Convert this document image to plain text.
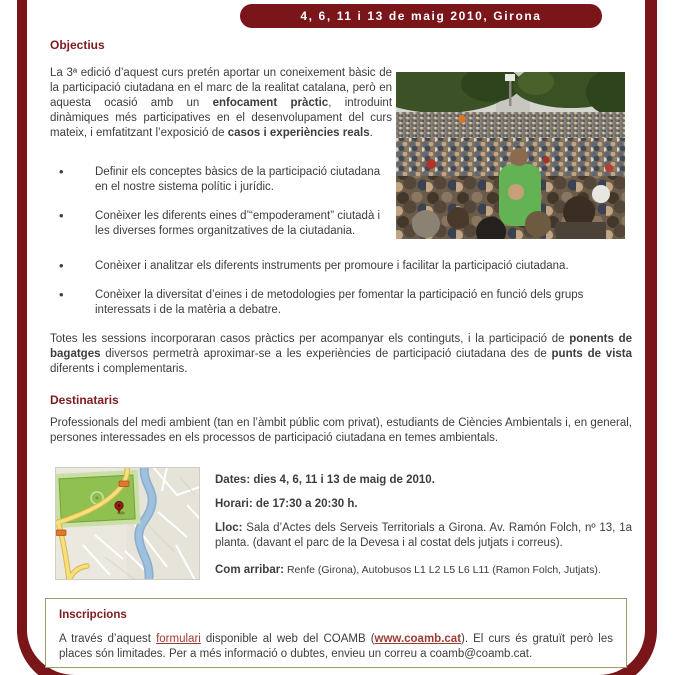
4, 6, 11 i 13 de maig 2010, Girona
Objectius

La 3ª edició d’aquest curs pretén aportar un coneixement bàsic de la participació ciutadana en el marc de la realitat catalana, però en aquesta ocasió amb un enfocament pràctic, introduint dinàmiques més participatives en el desenvolupament del curs mateix, i emfatitzant l’exposició de casos i experiències reals.

• Definir els conceptes bàsics de la participació ciutadana en el nostre sistema polític i jurídic.
• Conèixer les diferents eines d’“empoderament” ciutadà i les diverses formes organitzatives de la ciutadania.
• Conèixer i analitzar els diferents instruments per promoure i facilitar la participació ciutadana.
• Conèixer la diversitat d’eines i de metodologies per fomentar la participació en funció dels grups interessats i de la matèria a debatre.

Totes les sessions incorporaran casos pràctics per acompanyar els continguts, i la participació de ponents de bagatges diversos permetrà aproximar-se a les experiències de participació ciutadana des de punts de vista diferents i complementaris.

Destinataris

Professionals del medi ambient (tan en l’àmbit públic com privat), estudiants de Ciències Ambientals i, en general, persones interessades en els processos de participació ciutadana en temes ambientals.

Dates: dies 4, 6, 11 i 13 de maig de 2010.
Horari: de 17:30 a 20:30 h.
Lloc: Sala d’Actes dels Serveis Territorials a Girona. Av. Ramón Folch, nº 13, 1a planta. (davant el parc de la Devesa i al costat dels jutjats i correus).
Com arribar: Renfe (Girona), Autobusos L1 L2 L5 L6 L11 (Ramon Folch, Jutjats).
Inscripcions

A través d’aquest formulari disponible al web del COAMB (www.coamb.cat). El curs és gratuït però les places són limitades. Per a més informació o dubtes, envieu un correu a coamb@coamb.cat.
